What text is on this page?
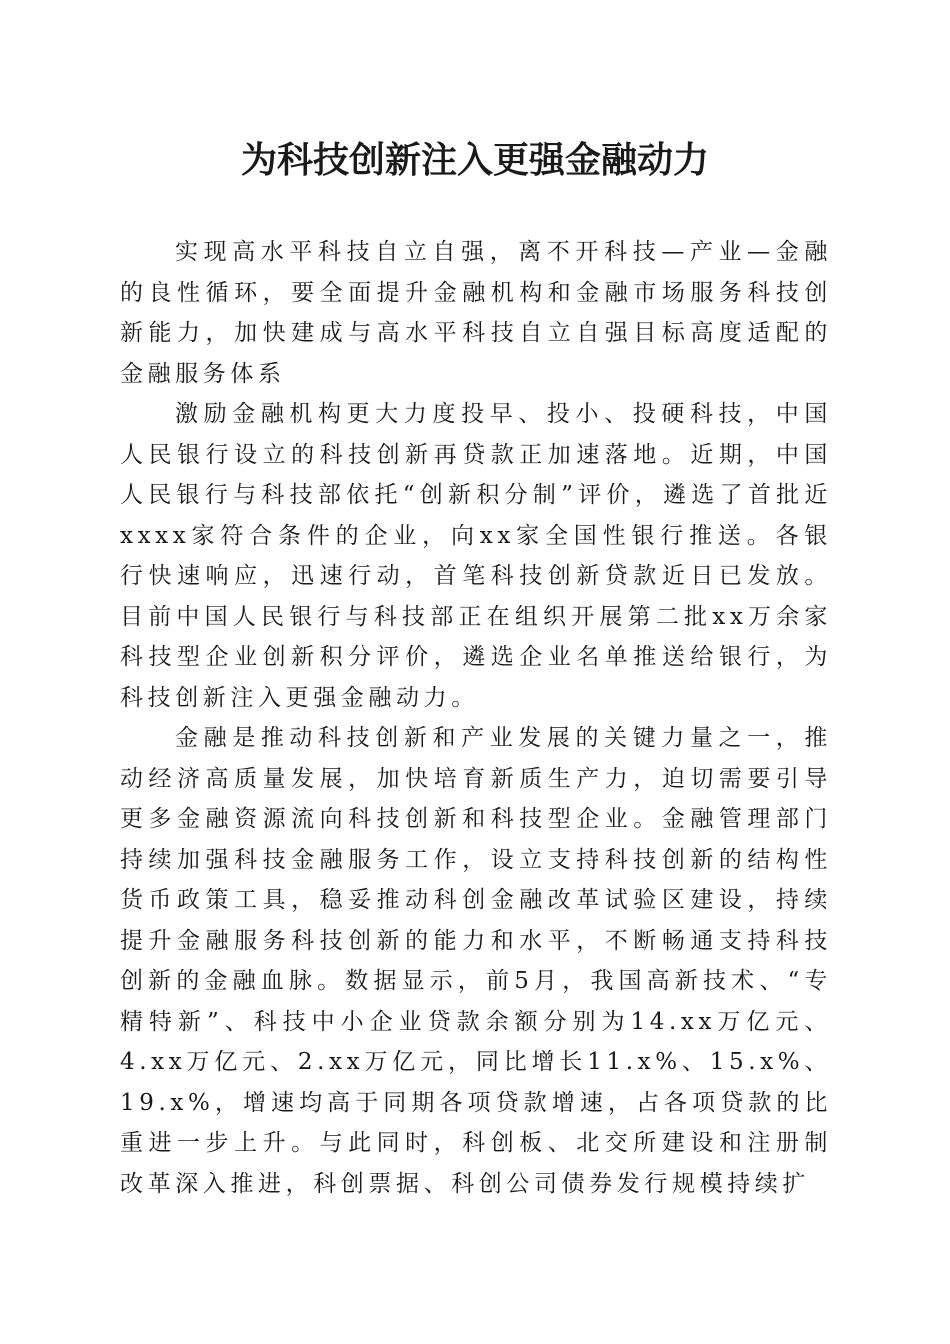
为科技创新注入更强金融动力

实现高水平科技自立自强，离不开科技—产业—金融的良性循环，要全面提升金融机构和金融市场服务科技创新能力，加快建成与高水平科技自立自强目标高度适配的金融服务体系

激励金融机构更大力度投早、投小、投硬科技，中国人民银行设立的科技创新再贷款正加速落地。近期，中国人民银行与科技部依托“创新积分制”评价，遴选了首批近xxxx家符合条件的企业，向xx家全国性银行推送。各银行快速响应，迅速行动，首笔科技创新贷款近日已发放。目前中国人民银行与科技部正在组织开展第二批xx万余家科技型企业创新积分评价，遴选企业名单推送给银行，为科技创新注入更强金融动力。

金融是推动科技创新和产业发展的关键力量之一，推动经济高质量发展，加快培育新质生产力，迫切需要引导更多金融资源流向科技创新和科技型企业。金融管理部门持续加强科技金融服务工作，设立支持科技创新的结构性货币政策工具，稳妥推动科创金融改革试验区建设，持续提升金融服务科技创新的能力和水平，不断畅通支持科技创新的金融血脉。数据显示，前5月，我国高新技术、“专精特新”、科技中小企业贷款余额分别为14.xx万亿元、4.xx万亿元、2.xx万亿元，同比增长11.x%、15.x%、19.x%，增速均高于同期各项贷款增速，占各项贷款的比重进一步上升。与此同时，科创板、北交所建设和注册制改革深入推进，科创票据、科创公司债券发行规模持续扩
